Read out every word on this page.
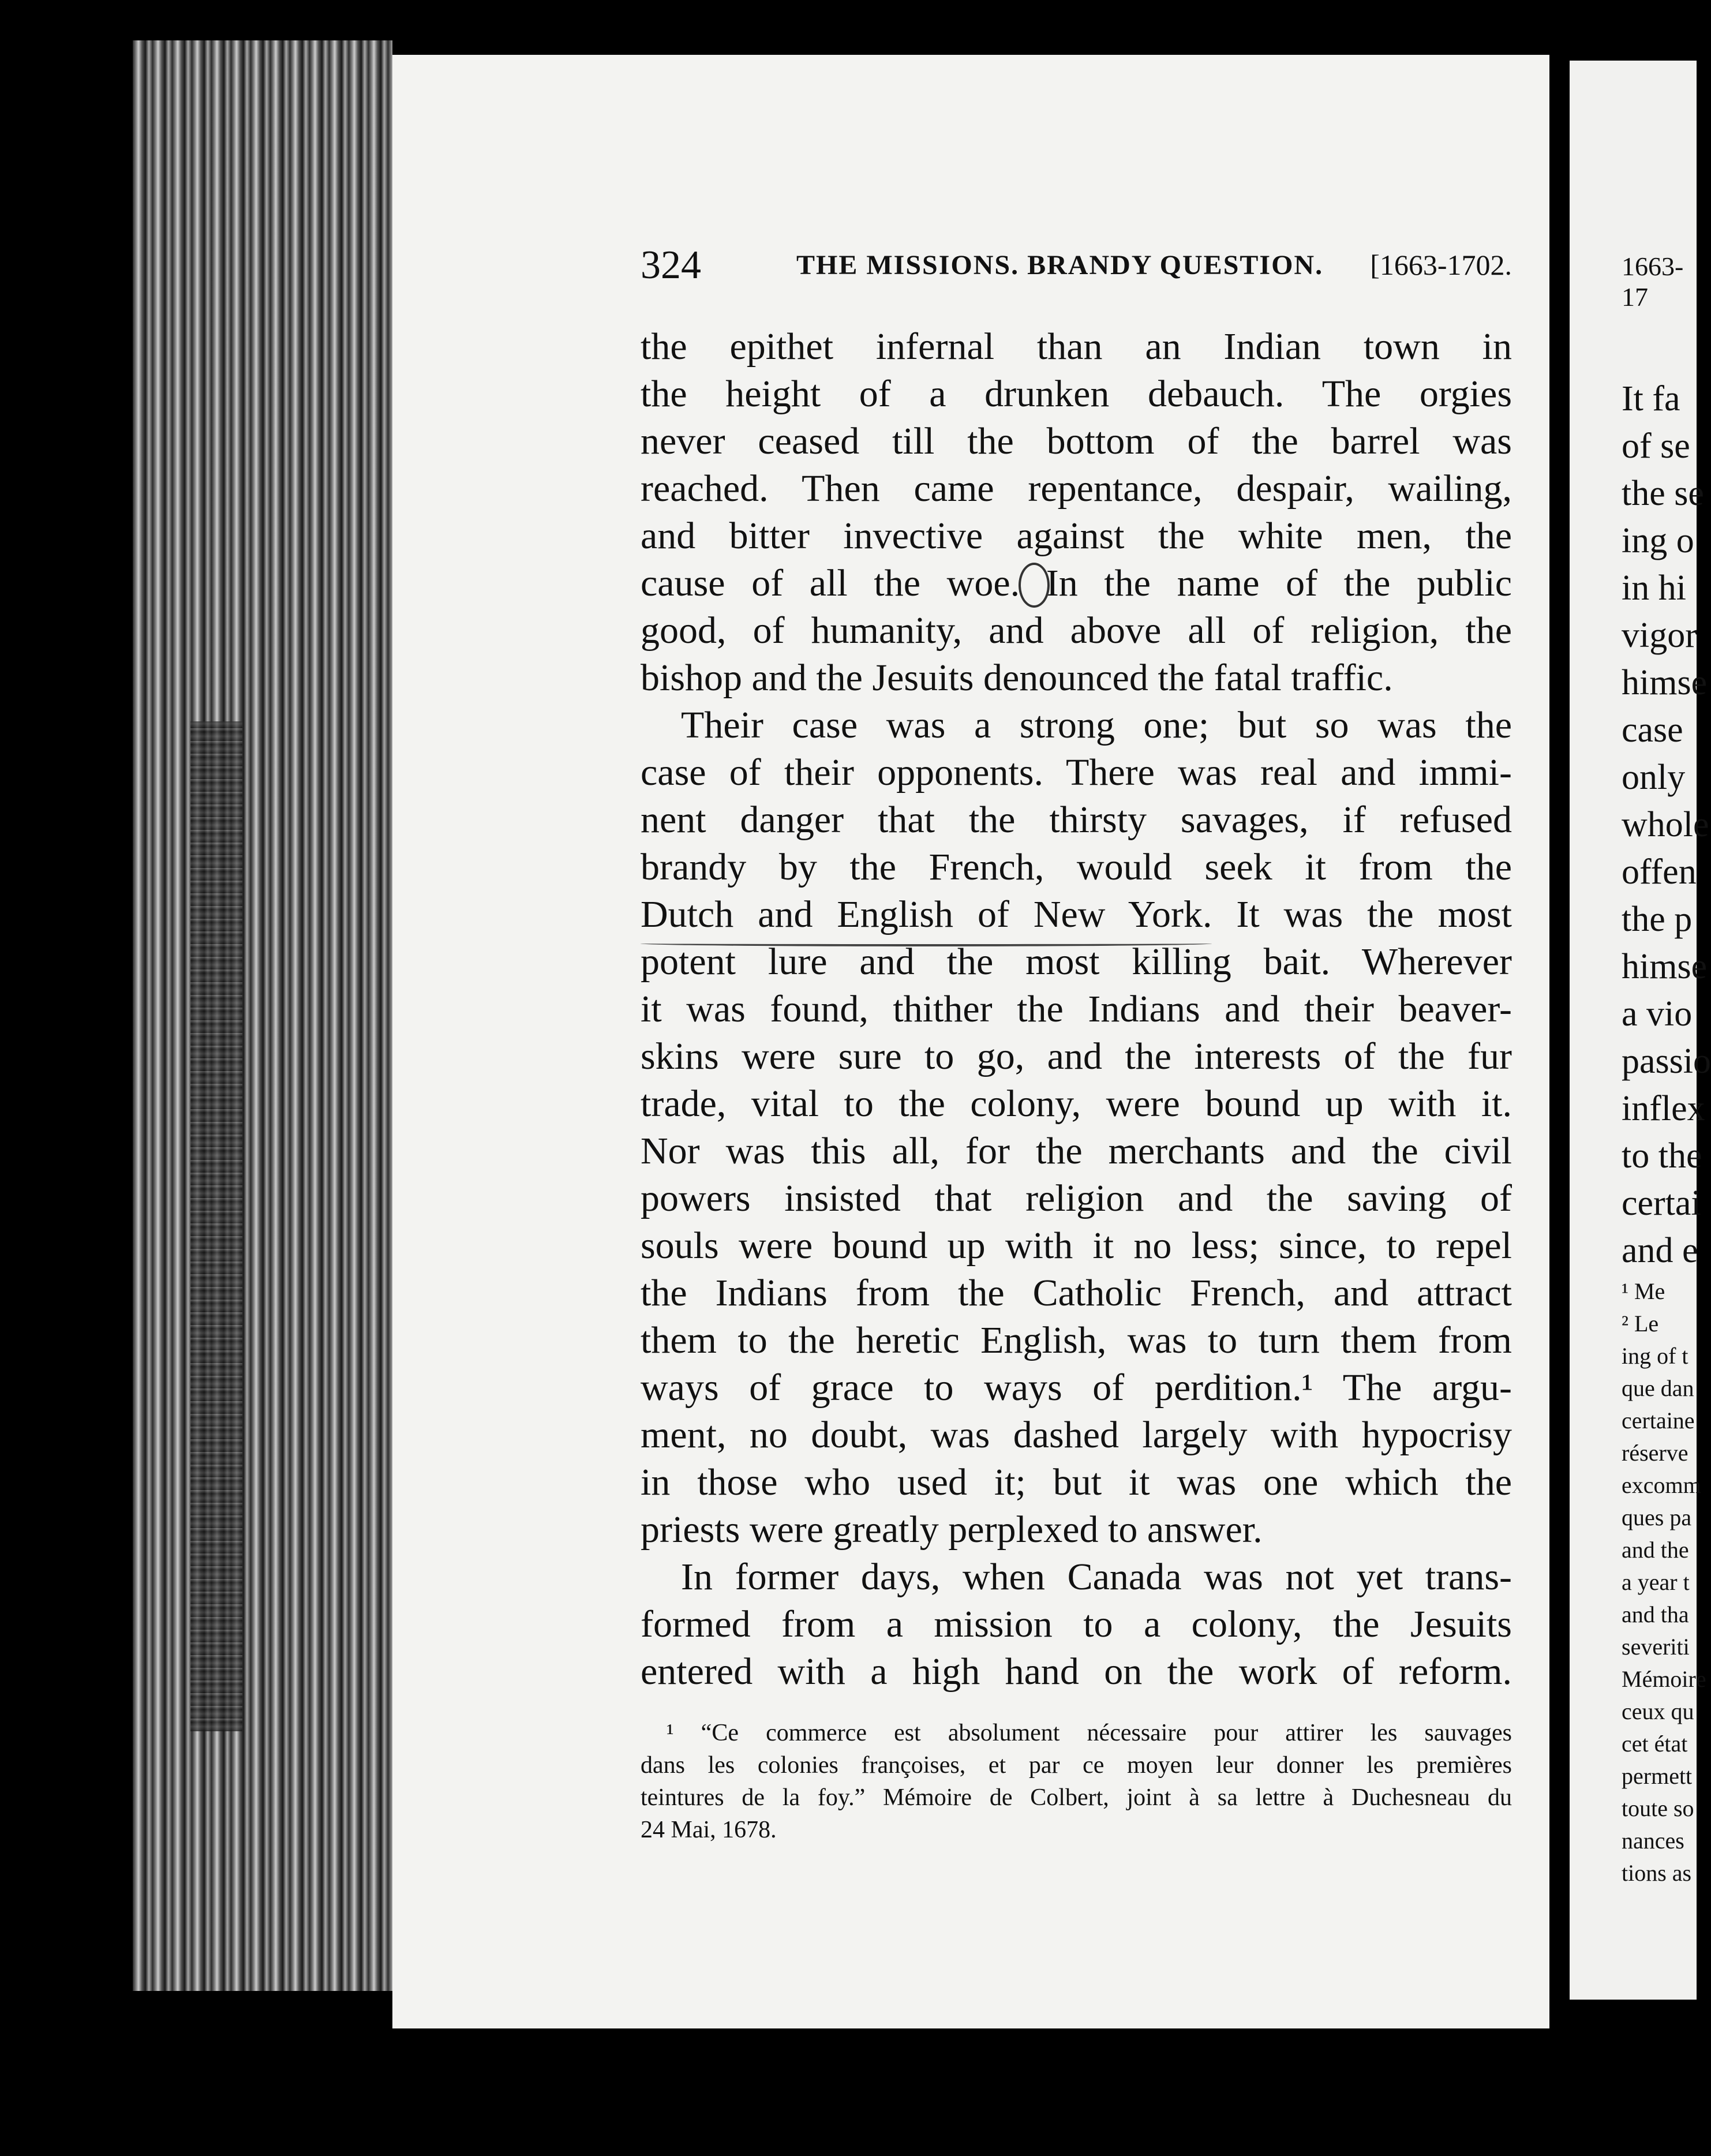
324	THE MISSIONS. BRANDY QUESTION. [1663-1702.
the epithet infernal than an Indian town in
the height of a drunken debauch. The orgies
never ceased till the bottom of the barrel was
reached. Then came repentance, despair, wailing,
and bitter invective against the white men, the
cause of all the woe. In the name of the public
good, of humanity, and above all of religion, the
bishop and the Jesuits denounced the fatal traffic.
Their case was a strong one; but so was the
case of their opponents. There was real and immi-
nent danger that the thirsty savages, if refused
brandy by the French, would seek it from the
Dutch and English of New York. It was the most
potent lure and the most killing bait. Wherever
it was found, thither the Indians and their beaver-
skins were sure to go, and the interests of the fur
trade, vital to the colony, were bound up with it.
Nor was this all, for the merchants and the civil
powers insisted that religion and the saving of
souls were bound up with it no less; since, to repel
the Indians from the Catholic French, and attract
them to the heretic English, was to turn them from
ways of grace to ways of perdition.¹ The argu-
ment, no doubt, was dashed largely with hypocrisy
in those who used it; but it was one which the
priests were greatly perplexed to answer.
In former days, when Canada was not yet trans-
formed from a mission to a colony, the Jesuits
entered with a high hand on the work of reform.
¹ “Ce commerce est absolument nécessaire pour attirer les sauvages
dans les colonies françoises, et par ce moyen leur donner les premières
teintures de la foy.” Mémoire de Colbert, joint à sa lettre à Duchesneau du
24 Mai, 1678.
1663-17
It fa
of se
the se
ing o
in hi
vigor
himse
case
only
whole
offen
the p
himse
a vio
passio
inflex
to the
certai
and e
¹ Me
² Le
ing of t
que dan
certaine
réserve
excomm
ques pa
and the
a year t
and tha
severiti
Mémoire
ceux qu
cet état
permett
toute so
nances
tions as
